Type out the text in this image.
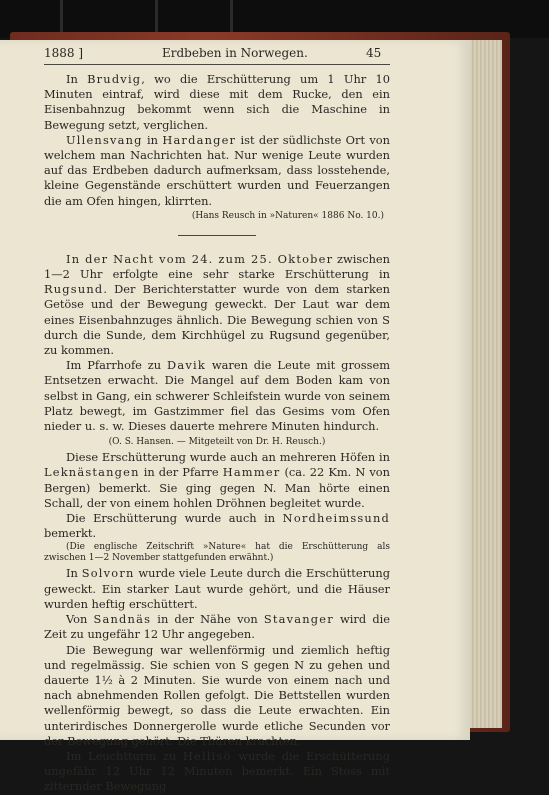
1888 ]	Erdbeben in Norwegen.	45

In Brudvig, wo die Erschütterung um 1 Uhr 10 Minuten eintraf, wird diese mit dem Rucke, den ein Eisenbahnzug bekommt wenn sich die Maschine in Bewegung setzt, verglichen.

Ullensvang in Hardanger ist der südlichste Ort von welchem man Nachrichten hat. Nur wenige Leute wurden auf das Erdbeben dadurch aufmerksam, dass losstehende, kleine Gegenstände erschüttert wurden und Feuerzangen die am Ofen hingen, klirrten.

(Hans Reusch in »Naturen« 1886 No. 10.)

In der Nacht vom 24. zum 25. Oktober zwischen 1—2 Uhr erfolgte eine sehr starke Erschütterung in Rugsund. Der Berichterstatter wurde von dem starken Getöse und der Bewegung geweckt. Der Laut war dem eines Eisenbahnzuges ähnlich. Die Bewegung schien von S durch die Sunde, dem Kirchhügel zu Rugsund gegenüber, zu kommen.

Im Pfarrhofe zu Davik waren die Leute mit grossem Entsetzen erwacht. Die Mangel auf dem Boden kam von selbst in Gang, ein schwerer Schleifstein wurde von seinem Platz bewegt, im Gastzimmer fiel das Gesims vom Ofen nieder u. s. w. Dieses dauerte mehrere Minuten hindurch.

(O. S. Hansen. — Mitgeteilt von Dr. H. Reusch.)

Diese Erschütterung wurde auch an mehreren Höfen in Leknästangen in der Pfarre Hammer (ca. 22 Km. N von Bergen) bemerkt. Sie ging gegen N. Man hörte einen Schall, der von einem hohlen Dröhnen begleitet wurde.

Die Erschütterung wurde auch in Nordheimssund bemerkt.

(Die englische Zeitschrift »Nature« hat die Erschütterung als zwischen 1—2 November stattgefunden erwähnt.)

In Solvorn wurde viele Leute durch die Erschütterung geweckt. Ein starker Laut wurde gehört, und die Häuser wurden heftig erschüttert.

Von Sandnäs in der Nähe von Stavanger wird die Zeit zu ungefähr 12 Uhr angegeben.

Die Bewegung war wellenförmig und ziemlich heftig und regelmässig. Sie schien von S gegen N zu gehen und dauerte 1½ à 2 Minuten. Sie wurde von einem nach und nach abnehmenden Rollen gefolgt. Die Bettstellen wurden wellenförmig bewegt, so dass die Leute erwachten. Ein unterirdisches Donnergerolle wurde etliche Secunden vor der Bewegung gehört. Die Thüren krachten.

Im Leuchtturm zu Hellisö wurde die Erschütterung ungefähr 12 Uhr 12 Minuten bemerkt. Ein Stoss mit zitternder Bewegung
